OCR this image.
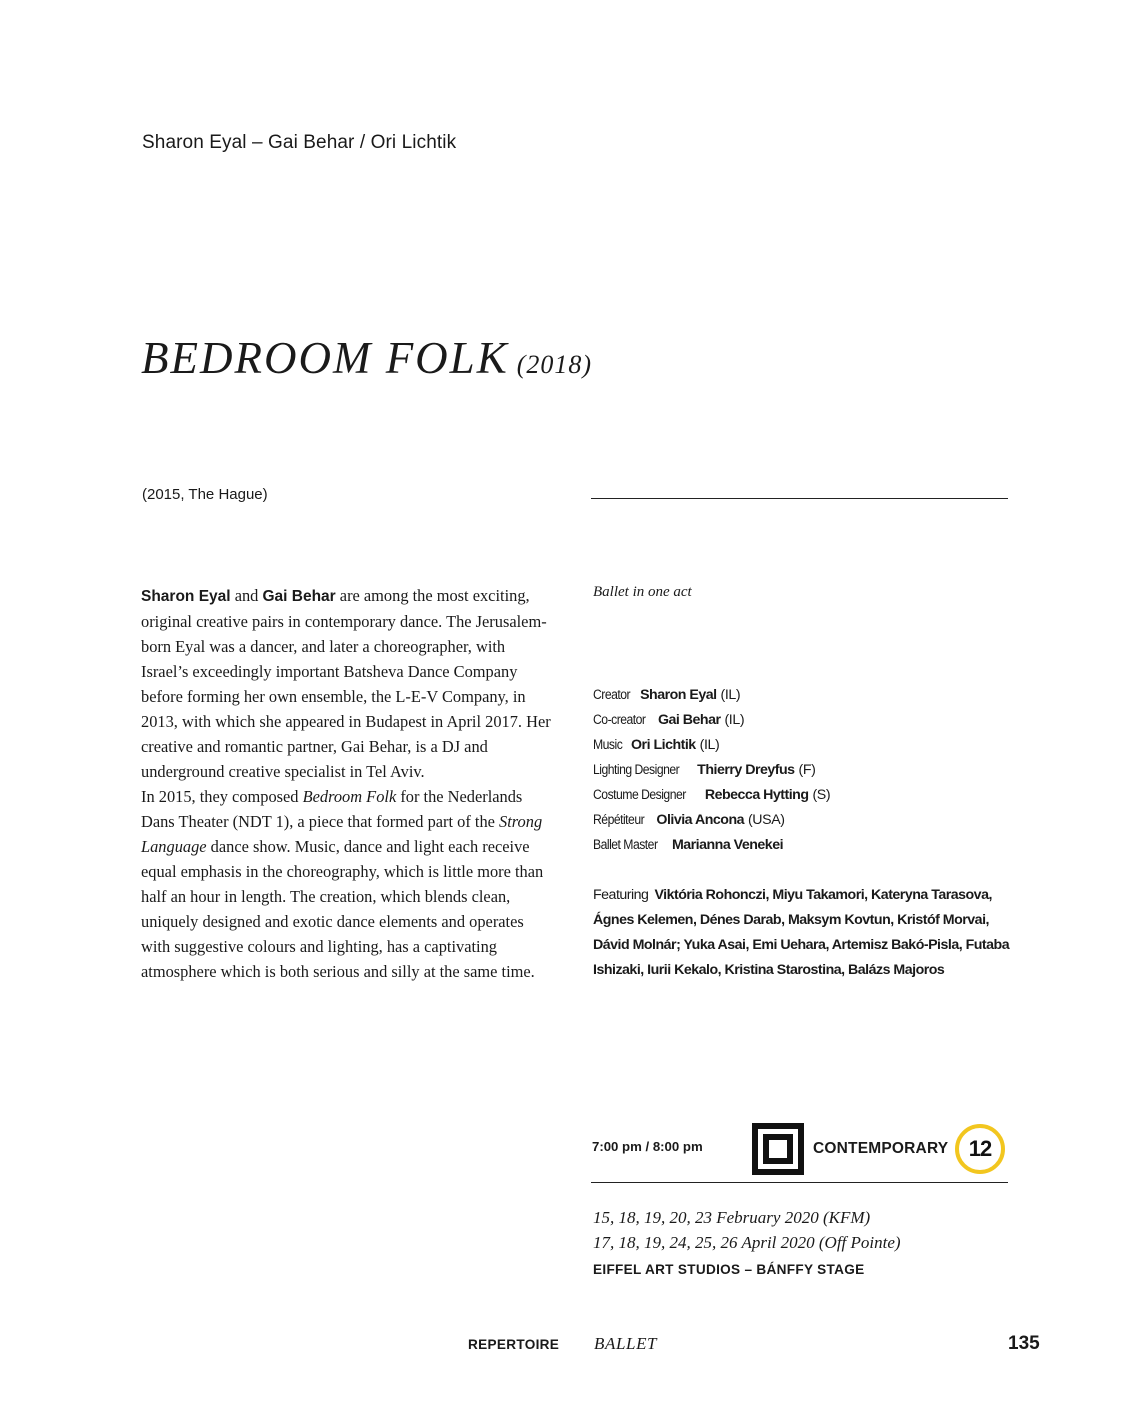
Sharon Eyal – Gai Behar / Ori Lichtik
BEDROOM FOLK (2018)
(2015, The Hague)

Sharon Eyal and Gai Behar are among the most exciting, original creative pairs in contemporary dance. The Jerusalem-born Eyal was a dancer, and later a choreographer, with Israel’s exceedingly important Batsheva Dance Company before forming her own ensemble, the L-E-V Company, in 2013, with which she appeared in Budapest in April 2017. Her creative and romantic partner, Gai Behar, is a DJ and underground creative specialist in Tel Aviv.

In 2015, they composed Bedroom Folk for the Nederlands Dans Theater (NDT 1), a piece that formed part of the Strong Language dance show. Music, dance and light each receive equal emphasis in the choreography, which is little more than half an hour in length. The creation, which blends clean, uniquely designed and exotic dance elements and operates with suggestive colours and lighting, has a captivating atmosphere which is both serious and silly at the same time.

Ballet in one act
Creator Sharon Eyal (IL)
Co-creator Gai Behar (IL)
Music Ori Lichtik (IL)
Lighting Designer Thierry Dreyfus (F)
Costume Designer Rebecca Hytting (S)
Répétiteur Olivia Ancona (USA)
Ballet Master Marianna Venekei
Featuring Viktória Rohonczi, Miyu Takamori, Kateryna Tarasova, Ágnes Kelemen, Dénes Darab, Maksym Kovtun, Kristóf Morvai, Dávid Molnár; Yuka Asai, Emi Uehara, Artemisz Bakó-Pisla, Futaba Ishizaki, Iurii Kekalo, Kristina Starostina, Balázs Majoros
7:00 pm / 8:00 pm	CONTEMPORARY 12
15, 18, 19, 20, 23 February 2020 (KFM)
17, 18, 19, 24, 25, 26 April 2020 (Off Pointe)
EIFFEL ART STUDIOS – BÁNFFY STAGE
REPERTOIRE BALLET	135
